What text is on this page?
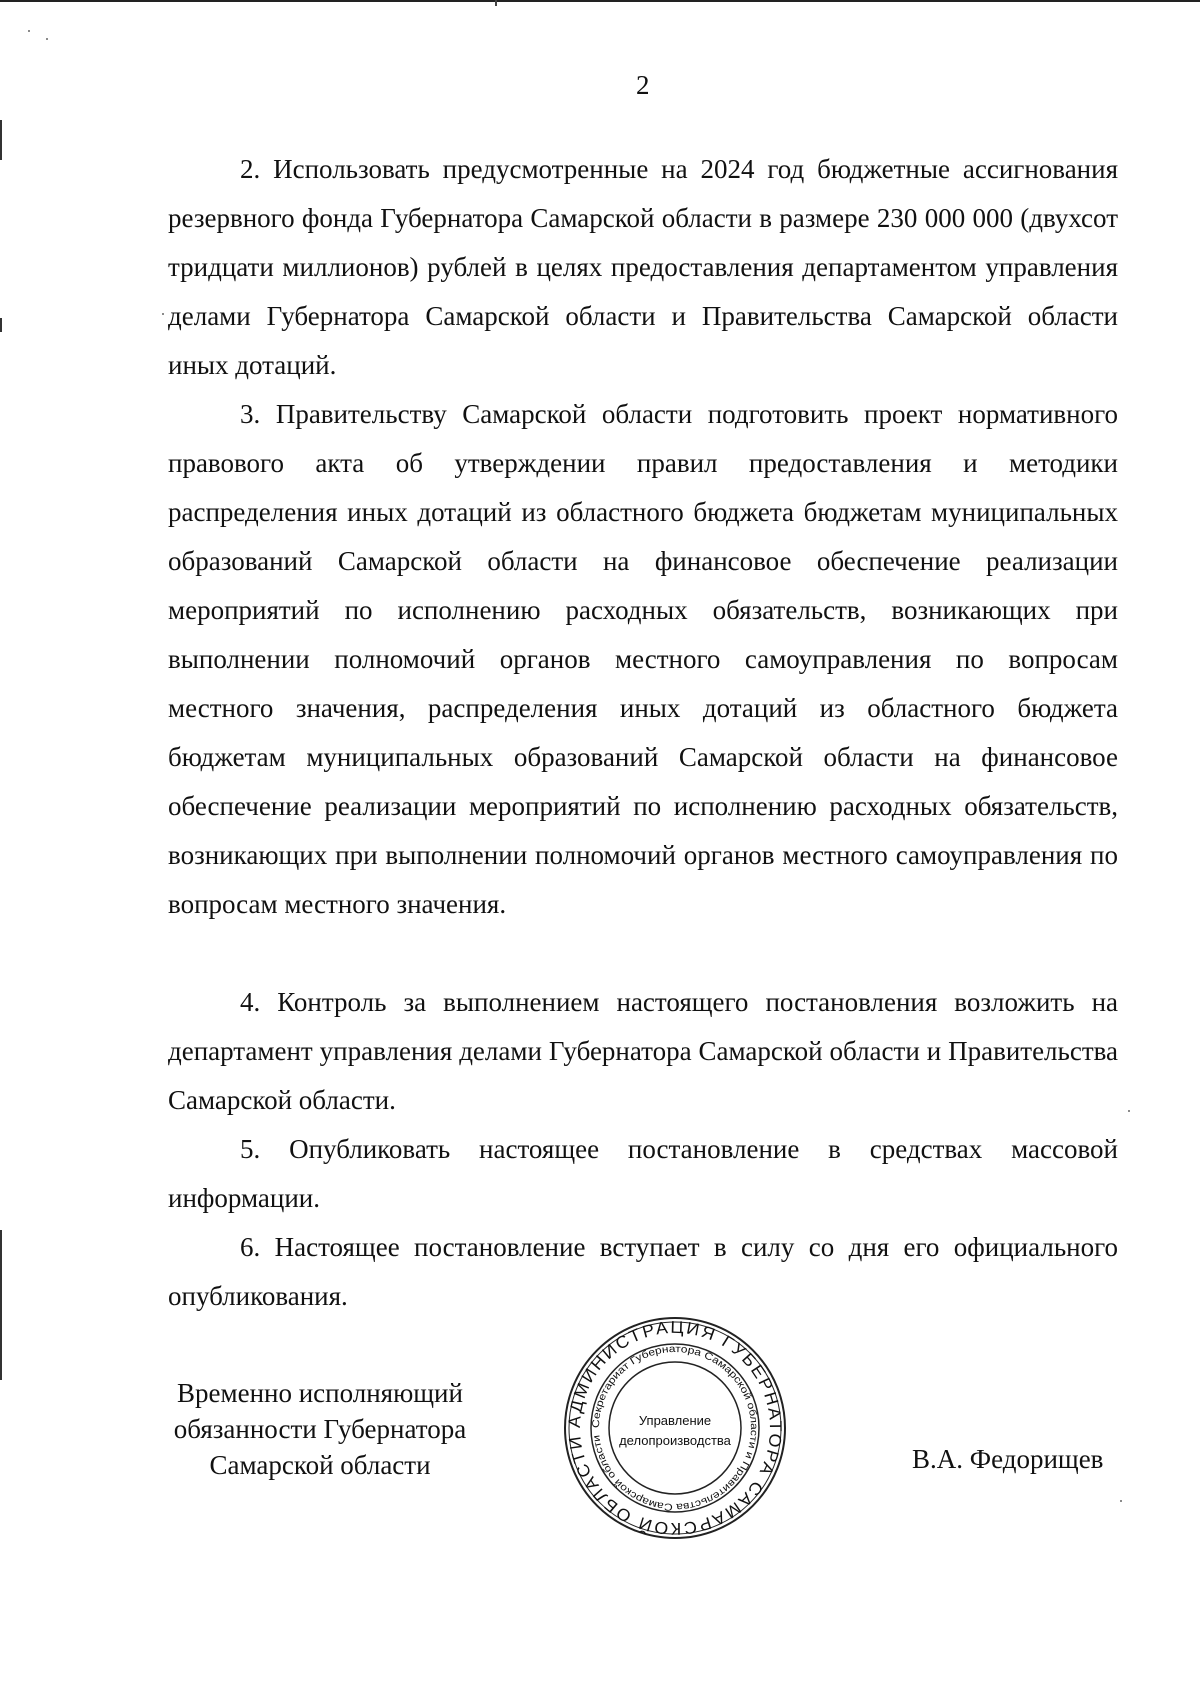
2

2. Использовать предусмотренные на 2024 год бюджетные ассигнования резервного фонда Губернатора Самарской области в размере 230 000 000 (двухсот тридцати миллионов) рублей в целях предоставления департаментом управления делами Губернатора Самарской области и Правительства Самарской области иных дотаций.

3. Правительству Самарской области подготовить проект нормативного правового акта об утверждении правил предоставления и методики распределения иных дотаций из областного бюджета бюджетам муниципальных образований Самарской области на финансовое обеспечение реализации мероприятий по исполнению расходных обязательств, возникающих при выполнении полномочий органов местного самоуправления по вопросам местного значения, распределения иных дотаций из областного бюджета бюджетам муниципальных образований Самарской области на финансовое обеспечение реализации мероприятий по исполнению расходных обязательств, возникающих при выполнении полномочий органов местного самоуправления по вопросам местного значения.

4. Контроль за выполнением настоящего постановления возложить на департамент управления делами Губернатора Самарской области и Правительства Самарской области.

5. Опубликовать настоящее постановление в средствах массовой информации.

6. Настоящее постановление вступает в силу со дня его официального опубликования.

Временно исполняющий
обязанности Губернатора
Самарской области
АДМИНИСТРАЦИЯ ГУБЕРНАТОРА САМАРСКОЙ ОБЛАСТИ
Секретариат Губернатора Самарской области и Правительства Самарской области
Управление
делопроизводства
В.А. Федорищев
